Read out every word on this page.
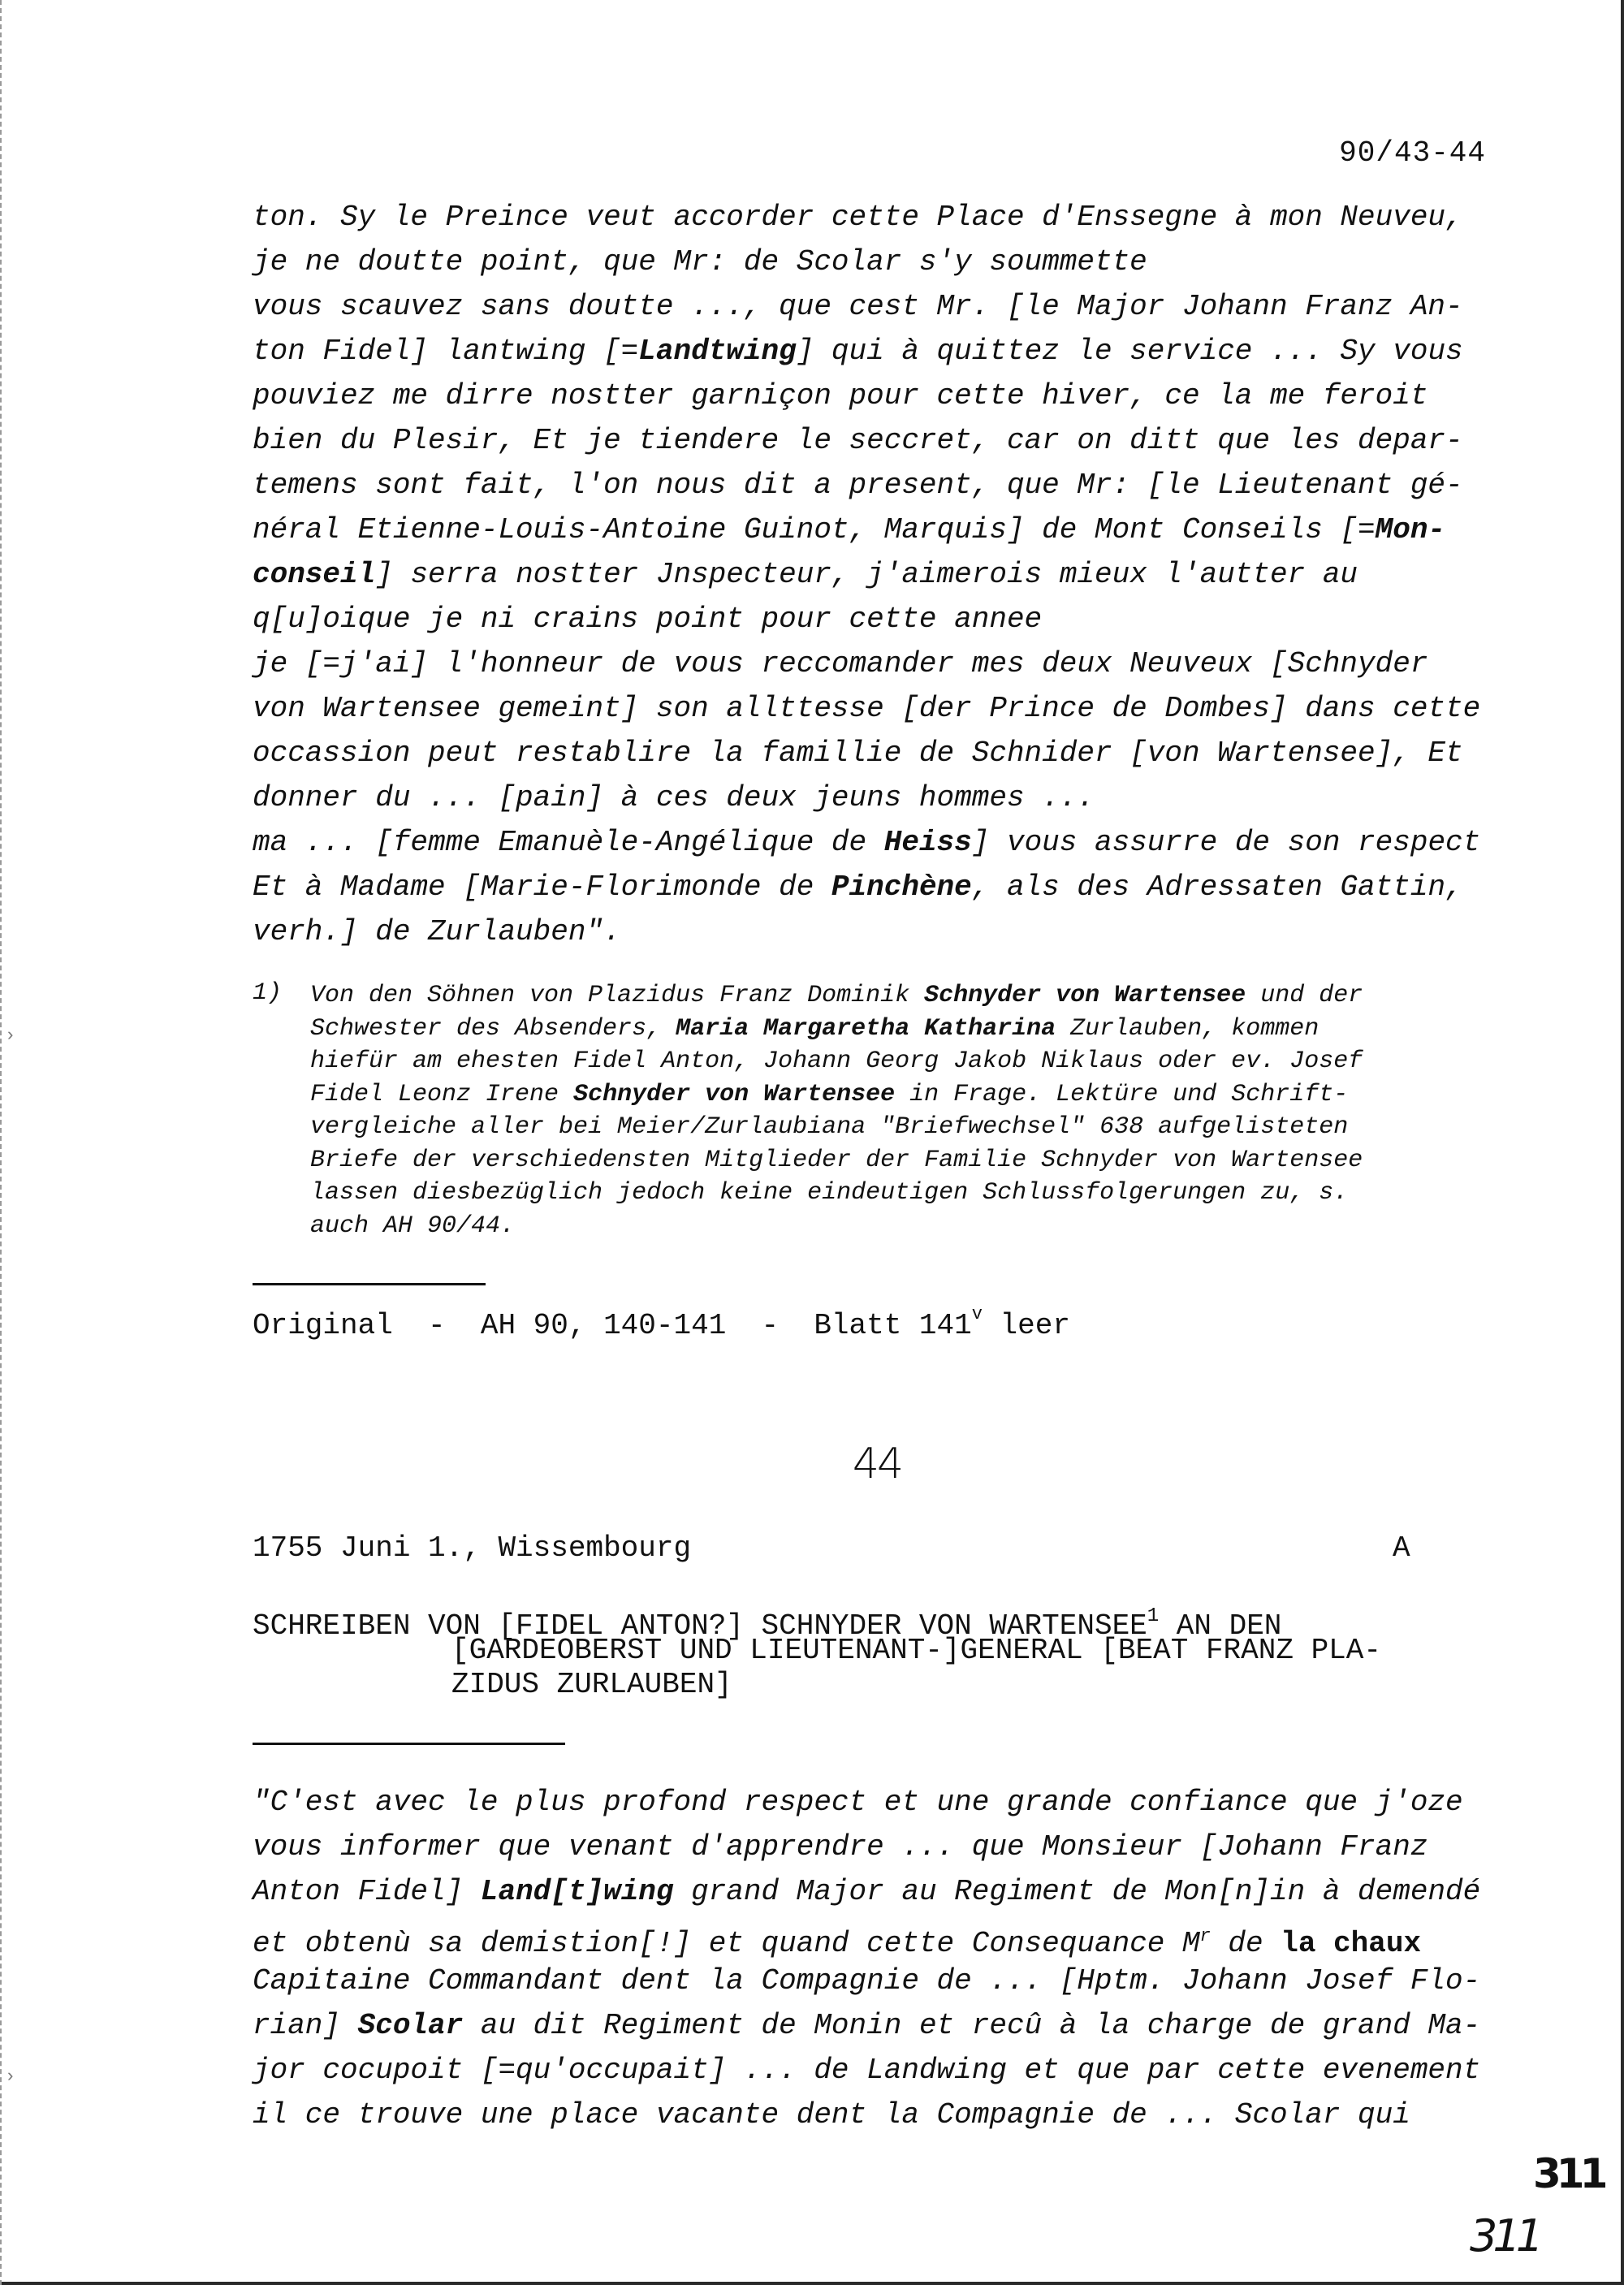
›
›
90/43-44
ton. Sy le Preince veut accorder cette Place d'Enssegne à mon Neuveu,
je ne doutte point, que Mr: de Scolar s'y soummette
vous scauvez sans doutte ..., que cest Mr. [le Major Johann Franz An-
ton Fidel] lantwing [=Landtwing] qui à quittez le service ... Sy vous
pouviez me dirre nostter garniçon pour cette hiver, ce la me feroit
bien du Plesir, Et je tiendere le seccret, car on ditt que les depar-
temens sont fait, l'on nous dit a present, que Mr: [le Lieutenant gé-
néral Etienne-Louis-Antoine Guinot, Marquis] de Mont Conseils [=Mon-
conseil] serra nostter Jnspecteur, j'aimerois mieux l'autter au
q[u]oique je ni crains point pour cette annee
je [=j'ai] l'honneur de vous reccomander mes deux Neuveux [Schnyder
von Wartensee gemeint] son allttesse [der Prince de Dombes] dans cette
occassion peut restablire la famillie de Schnider [von Wartensee], Et
donner du ... [pain] à ces deux jeuns hommes ...
ma ... [femme Emanuèle-Angélique de Heiss] vous assurre de son respect
Et à Madame [Marie-Florimonde de Pinchène, als des Adressaten Gattin,
verh.] de Zurlauben".
1) Von den Söhnen von Plazidus Franz Dominik Schnyder von Wartensee und der
Schwester des Absenders, Maria Margaretha Katharina Zurlauben, kommen
hiefür am ehesten Fidel Anton, Johann Georg Jakob Niklaus oder ev. Josef
Fidel Leonz Irene Schnyder von Wartensee in Frage. Lektüre und Schrift-
vergleiche aller bei Meier/Zurlaubiana "Briefwechsel" 638 aufgelisteten
Briefe der verschiedensten Mitglieder der Familie Schnyder von Wartensee
lassen diesbezüglich jedoch keine eindeutigen Schlussfolgerungen zu, s.
auch AH 90/44.
Original  -  AH 90, 140-141  -  Blatt 141$^v$ leer
44
1755 Juni 1., Wissembourg	A
SCHREIBEN VON [FIDEL ANTON?] SCHNYDER VON WARTENSEE$^1$ AN DEN
[GARDEOBERST UND LIEUTENANT-]GENERAL [BEAT FRANZ PLA-
ZIDUS ZURLAUBEN]
"C'est avec le plus profond respect et une grande confiance que j'oze
vous informer que venant d'apprendre ... que Monsieur [Johann Franz
Anton Fidel] Land[t]wing grand Major au Regiment de Mon[n]in à demendé
et obtenù sa demistion[!] et quand cette Consequance $M^r$ de la chaux
Capitaine Commandant dent la Compagnie de ... [Hptm. Johann Josef Flo-
rian] Scolar au dit Regiment de Monin et recû à la charge de grand Ma-
jor cocupoit [=qu'occupait] ... de Landwing et que par cette evenement
il ce trouve une place vacante dent la Compagnie de ... Scolar qui
311
311
